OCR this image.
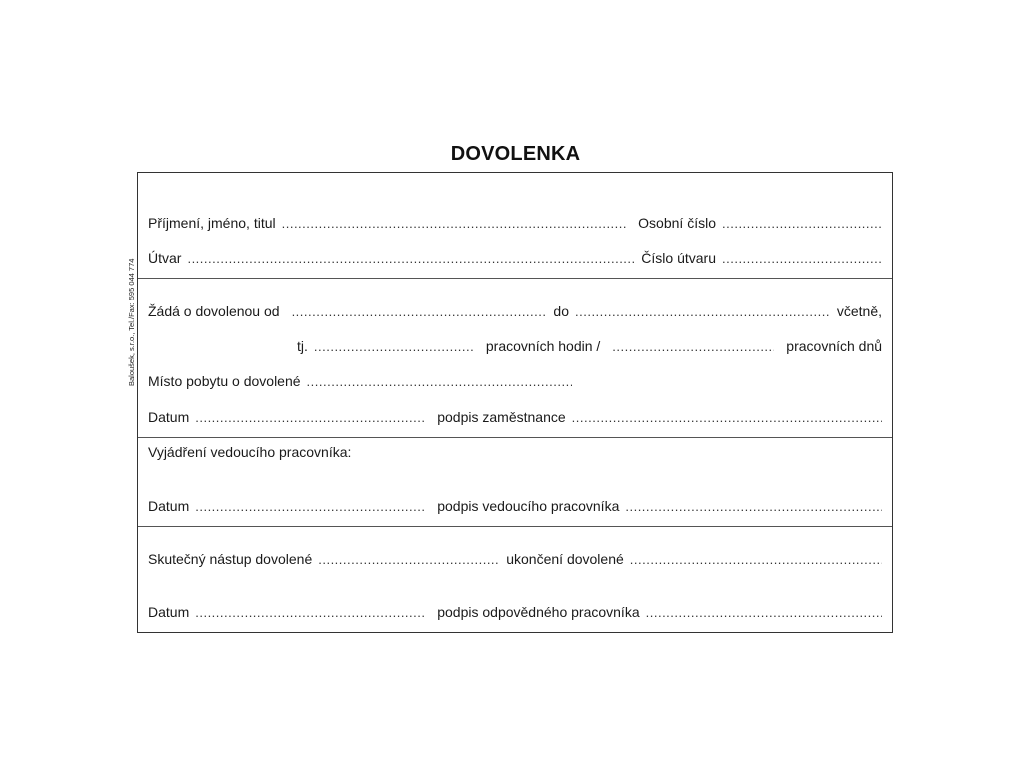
DOVOLENKA
Baloušek, s.r.o., Tel./Fax: 595 044 774
Příjmení, jméno, titul .....	Osobní číslo
.....
Útvar .....	Číslo útvaru
.....
Žádá o dovolenou od .....	do .....	včetně,
tj. .....	pracovních hodin / .....	pracovních dnů
Místo pobytu o dovolené
.....
Datum .....	podpis zaměstnance
.....
Vyjádření vedoucího pracovníka:
Datum .....	podpis vedoucího pracovníka
.....
Skutečný nástup dovolené .....	ukončení dovolené
.....
Datum .....	podpis odpovědného pracovníka
.....
